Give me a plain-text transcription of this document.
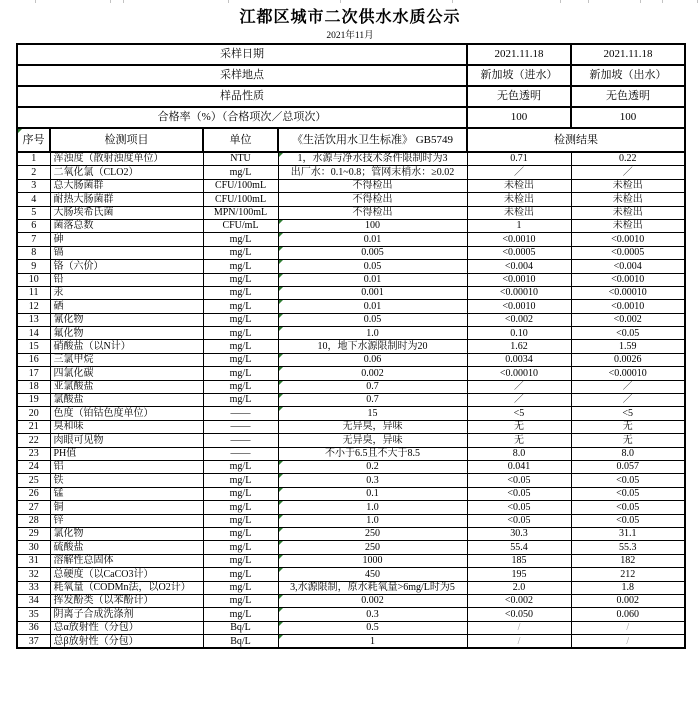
江都区城市二次供水水质公示
2021年11月
采样日期				2021.11.18	2021.11.18
采样地点				新加坡（进水）	新加坡（出水）
样品性质				无色透明	无色透明
合格率（%）（合格项次／总项次）				100	100
序号	检测项目	单位	《生活饮用水卫生标准》 GB5749	检测结果	
1	浑浊度（散射浊度单位）	NTU	1，水源与净水技术条件限制时为3	0.71	0.22
2	二氧化氯（CLO2）	mg/L	出厂水：0.1~0.8；管网末梢水：≥0.02	／	／
3	总大肠菌群	CFU/100mL	不得检出	未检出	未检出
4	耐热大肠菌群	CFU/100mL	不得检出	未检出	未检出
5	大肠埃希氏菌	MPN/100mL	不得检出	未检出	未检出
6	菌落总数	CFU/mL	100	1	未检出
7	砷	mg/L	0.01	<0.0010	<0.0010
8	镉	mg/L	0.005	<0.0005	<0.0005
9	铬（六价）	mg/L	0.05	<0.004	<0.004
10	铅	mg/L	0.01	<0.0010	<0.0010
11	汞	mg/L	0.001	<0.00010	<0.00010
12	硒	mg/L	0.01	<0.0010	<0.0010
13	氰化物	mg/L	0.05	<0.002	<0.002
14	氟化物	mg/L	1.0	0.10	<0.05
15	硝酸盐（以N计）	mg/L	10，地下水源限制时为20	1.62	1.59
16	三氯甲烷	mg/L	0.06	0.0034	0.0026
17	四氯化碳	mg/L	0.002	<0.00010	<0.00010
18	亚氯酸盐	mg/L	0.7	／	／
19	氯酸盐	mg/L	0.7	／	／
20	色度（铂钴色度单位）	——	15	<5	<5
21	臭和味	——	无异臭，异味	无	无
22	肉眼可见物	——	无异臭，异味	无	无
23	PH值	——	不小于6.5且不大于8.5	8.0	8.0
24	铝	mg/L	0.2	0.041	0.057
25	铁	mg/L	0.3	<0.05	<0.05
26	锰	mg/L	0.1	<0.05	<0.05
27	铜	mg/L	1.0	<0.05	<0.05
28	锌	mg/L	1.0	<0.05	<0.05
29	氯化物	mg/L	250	30.3	31.1
30	硫酸盐	mg/L	250	55.4	55.3
31	溶解性总固体	mg/L	1000	185	182
32	总硬度（以CaCO3计）	mg/L	450	195	212
33	耗氧量（CODMn法，以O2计）	mg/L	3,水源限制，原水耗氧量>6mg/L时为5	2.0	1.8
34	挥发酚类（以苯酚计）	mg/L	0.002	<0.002	0.002
35	阴离子合成洗涤剂	mg/L	0.3	<0.050	0.060
36	总α放射性（分包）	Bq/L	0.5	/	/
37	总β放射性（分包）	Bq/L	1	/	/
